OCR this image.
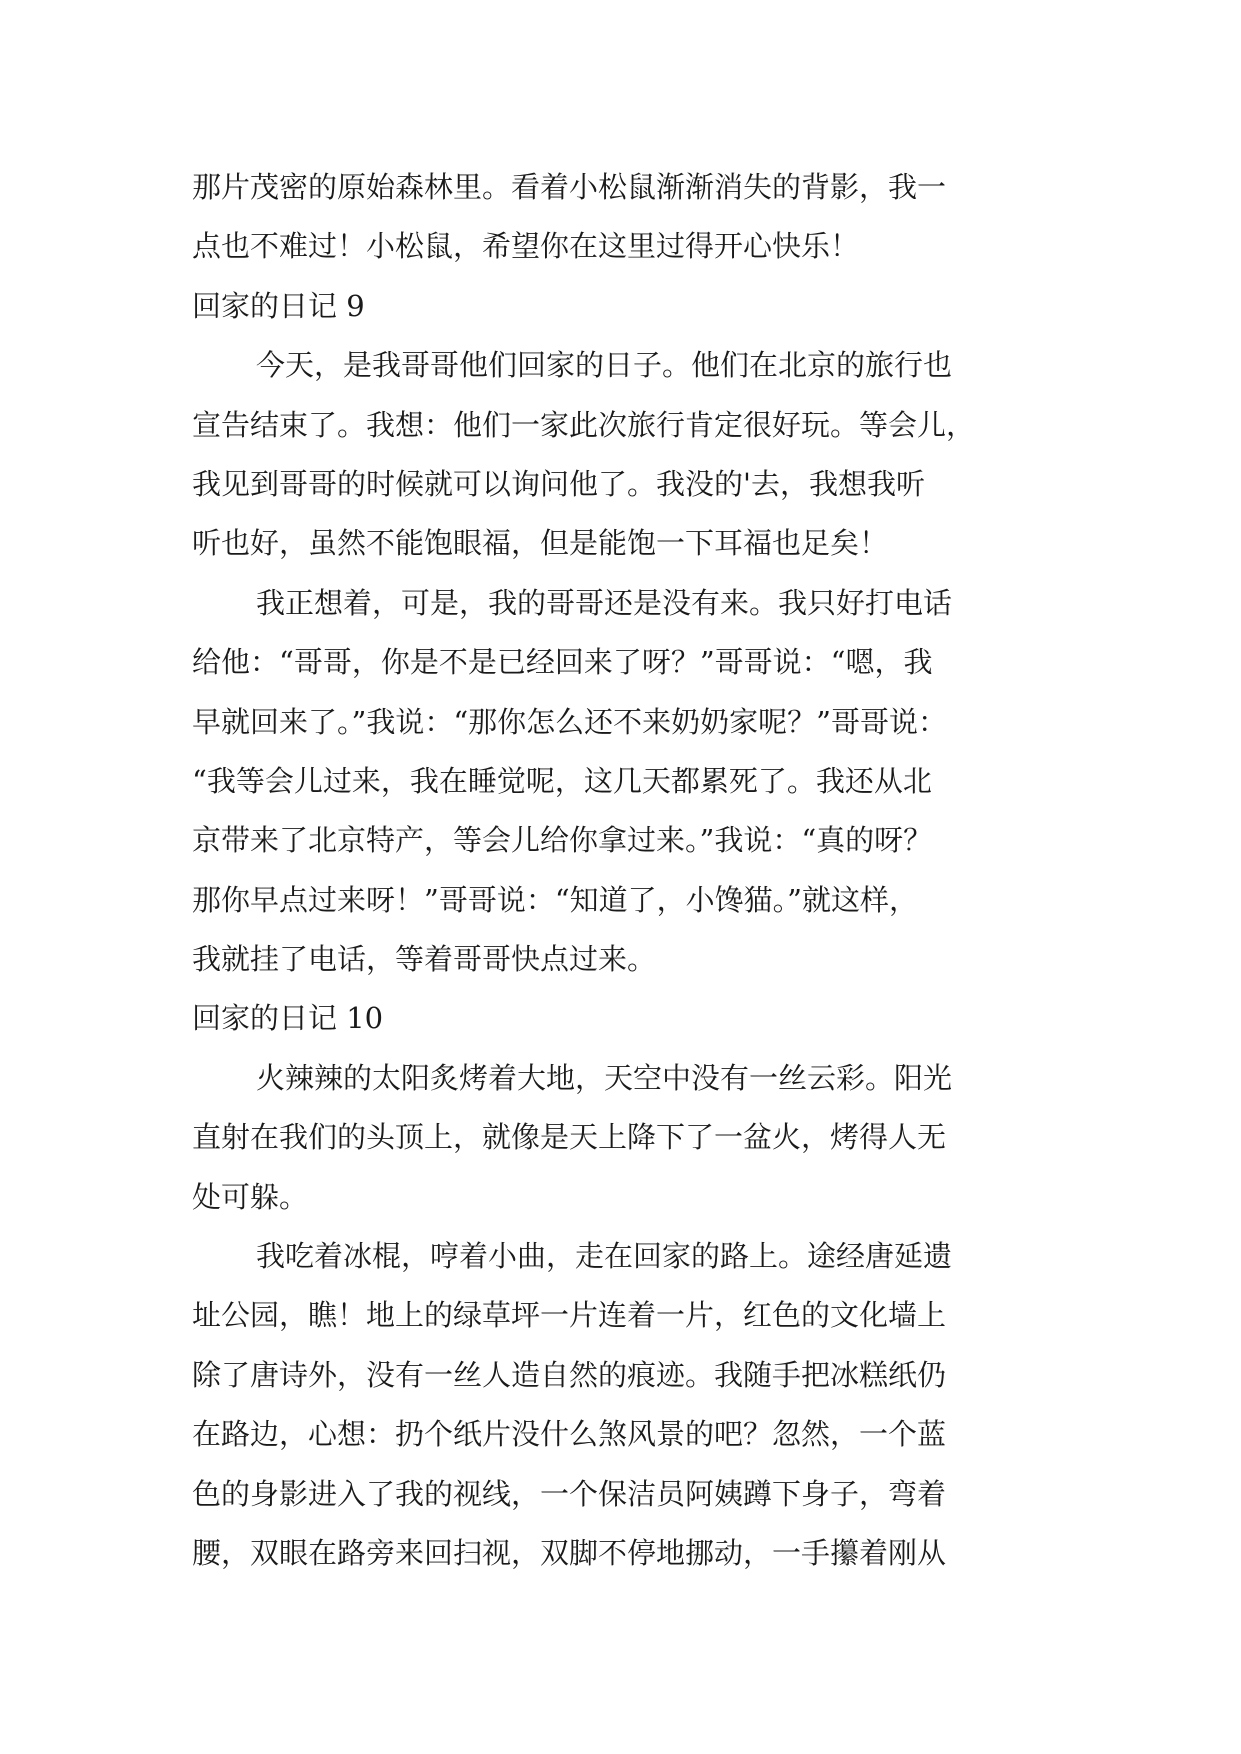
那片茂密的原始森林里。看着小松鼠渐渐消失的背影，我一
点也不难过！小松鼠，希望你在这里过得开心快乐！
回家的日记 9
今天，是我哥哥他们回家的日子。他们在北京的旅行也
宣告结束了。我想：他们一家此次旅行肯定很好玩。等会儿，
我见到哥哥的时候就可以询问他了。我没的'去，我想我听
听也好，虽然不能饱眼福，但是能饱一下耳福也足矣！
我正想着，可是，我的哥哥还是没有来。我只好打电话
给他：“哥哥，你是不是已经回来了呀？”哥哥说：“嗯，我
早就回来了。”我说：“那你怎么还不来奶奶家呢？”哥哥说：
“我等会儿过来，我在睡觉呢，这几天都累死了。我还从北
京带来了北京特产，等会儿给你拿过来。”我说：“真的呀？
那你早点过来呀！”哥哥说：“知道了，小馋猫。”就这样，
我就挂了电话，等着哥哥快点过来。
回家的日记 10
火辣辣的太阳炙烤着大地，天空中没有一丝云彩。阳光
直射在我们的头顶上，就像是天上降下了一盆火，烤得人无
处可躲。
我吃着冰棍，哼着小曲，走在回家的路上。途经唐延遗
址公园，瞧！地上的绿草坪一片连着一片，红色的文化墙上
除了唐诗外，没有一丝人造自然的痕迹。我随手把冰糕纸仍
在路边，心想：扔个纸片没什么煞风景的吧？忽然，一个蓝
色的身影进入了我的视线，一个保洁员阿姨蹲下身子，弯着
腰，双眼在路旁来回扫视，双脚不停地挪动，一手攥着刚从
